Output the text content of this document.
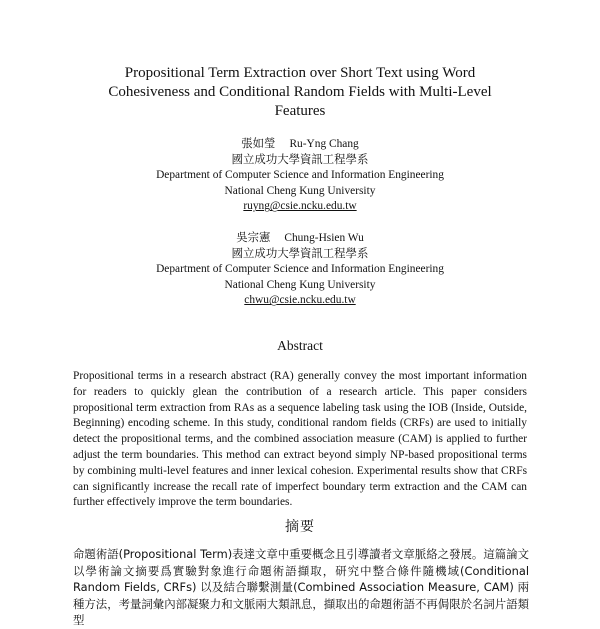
Propositional Term Extraction over Short Text using Word Cohesiveness and Conditional Random Fields with Multi-Level Features
張如瑩 Ru-Yng Chang
國立成功大學資訊工程學系
Department of Computer Science and Information Engineering
National Cheng Kung University
ruyng@csie.ncku.edu.tw
吳宗憲 Chung-Hsien Wu
國立成功大學資訊工程學系
Department of Computer Science and Information Engineering
National Cheng Kung University
chwu@csie.ncku.edu.tw
Abstract
Propositional terms in a research abstract (RA) generally convey the most important information for readers to quickly glean the contribution of a research article. This paper considers propositional term extraction from RAs as a sequence labeling task using the IOB (Inside, Outside, Beginning) encoding scheme. In this study, conditional random fields (CRFs) are used to initially detect the propositional terms, and the combined association measure (CAM) is applied to further adjust the term boundaries. This method can extract beyond simply NP-based propositional terms by combining multi-level features and inner lexical cohesion. Experimental results show that CRFs can significantly increase the recall rate of imperfect boundary term extraction and the CAM can further effectively improve the term boundaries.
摘要
命題術語(Propositional Term)表達文章中重要概念且引導讀者文章脈絡之發展。這篇論文以學術論文摘要爲實驗對象進行命題術語擷取，研究中整合條件隨機域(Conditional Random Fields, CRFs) 以及結合聯繫測量(Combined Association Measure, CAM) 兩種方法，考量詞彙內部凝聚力和文脈兩大類訊息，擷取出的命題術語不再侷限於名詞片語類型
